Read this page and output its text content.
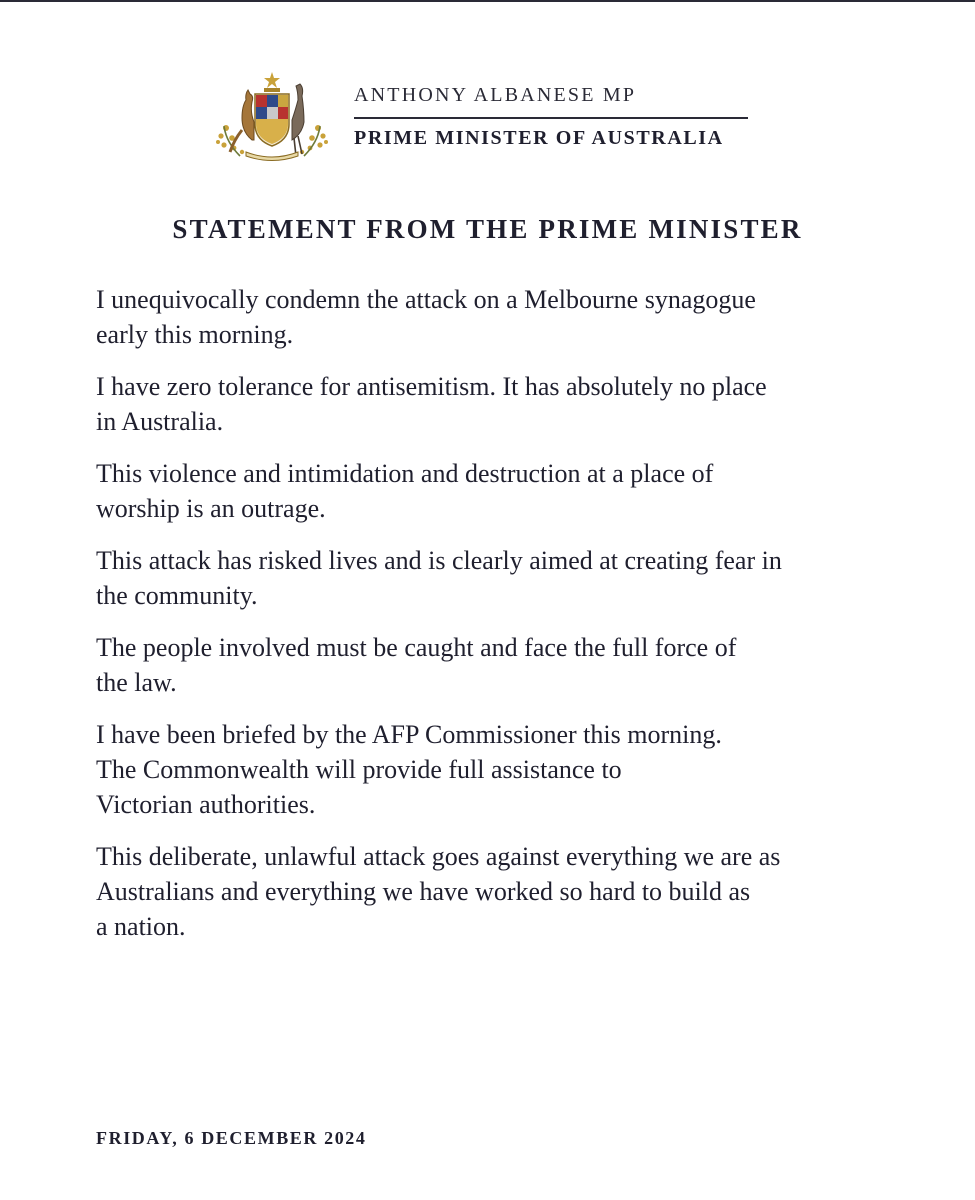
ANTHONY ALBANESE MP
PRIME MINISTER OF AUSTRALIA
STATEMENT FROM THE PRIME MINISTER

I unequivocally condemn the attack on a Melbourne synagogue
early this morning.

I have zero tolerance for antisemitism. It has absolutely no place
in Australia.

This violence and intimidation and destruction at a place of
worship is an outrage.

This attack has risked lives and is clearly aimed at creating fear in
the community.

The people involved must be caught and face the full force of
the law.

I have been briefed by the AFP Commissioner this morning.
The Commonwealth will provide full assistance to
Victorian authorities.

This deliberate, unlawful attack goes against everything we are as
Australians and everything we have worked so hard to build as
a nation.

FRIDAY, 6 DECEMBER 2024
